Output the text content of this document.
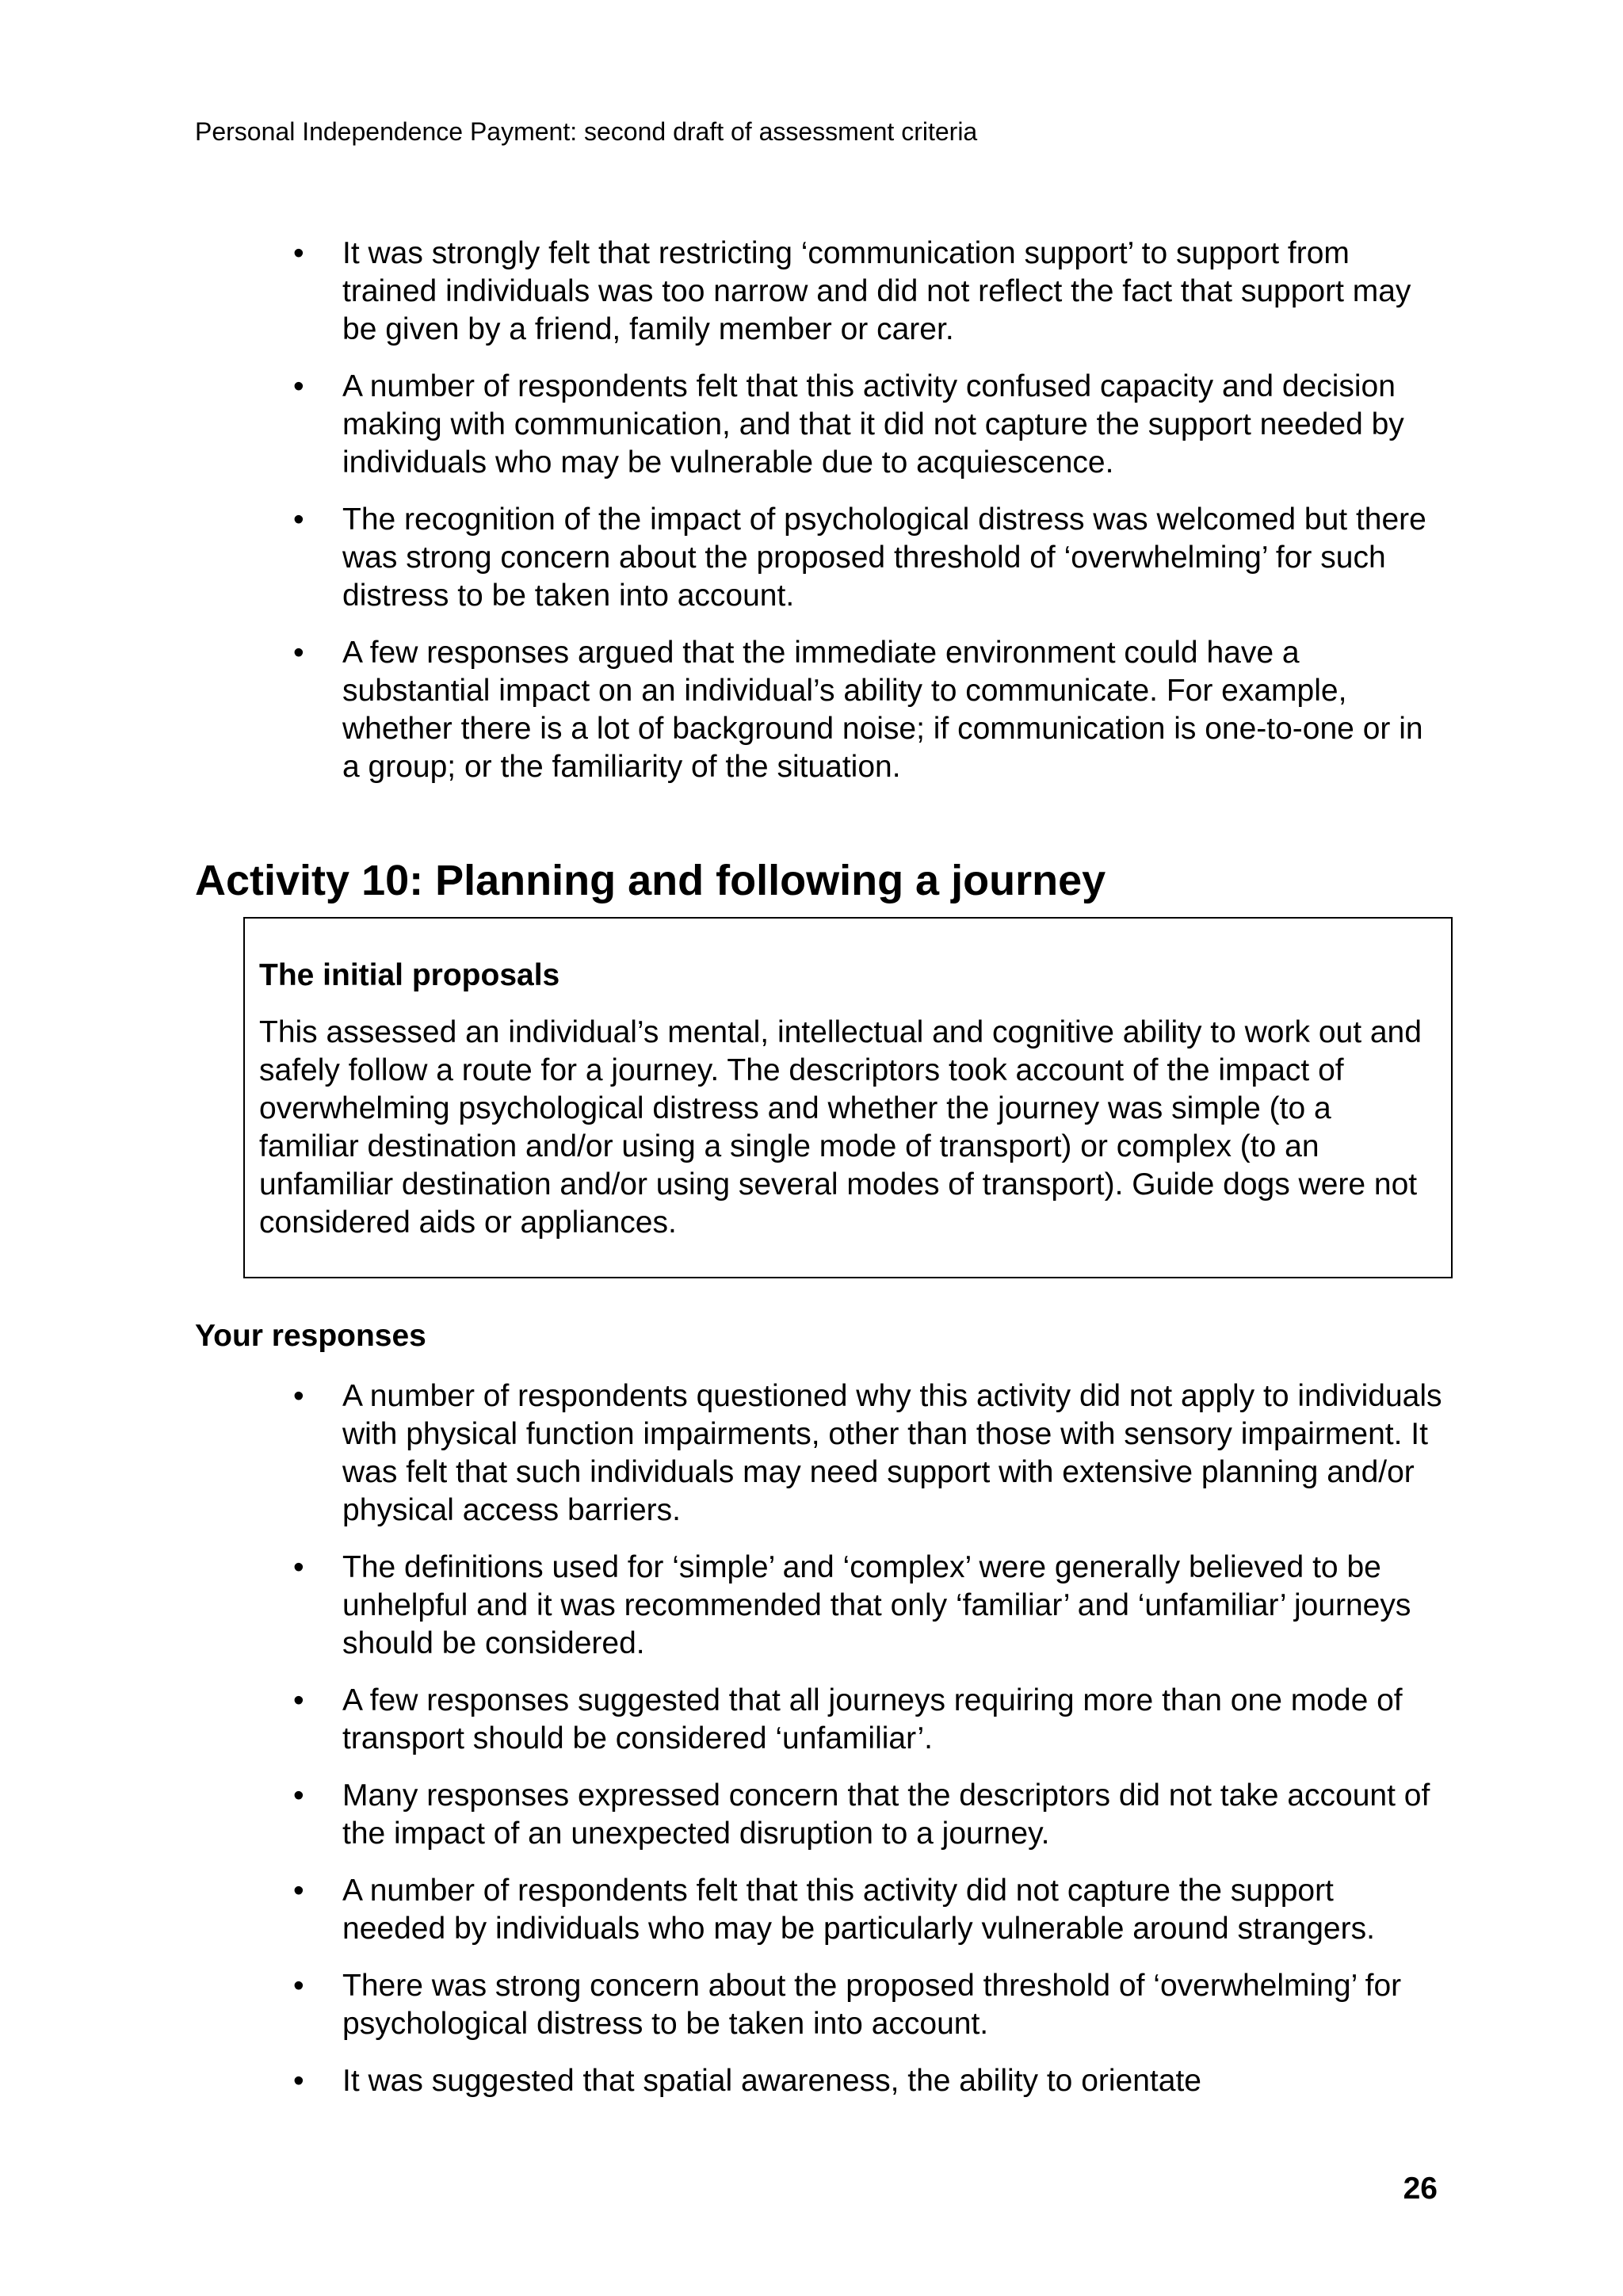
Personal Independence Payment: second draft of assessment criteria
• It was strongly felt that restricting ‘communication support’ to support from trained individuals was too narrow and did not reflect the fact that support may be given by a friend, family member or carer.
• A number of respondents felt that this activity confused capacity and decision making with communication, and that it did not capture the support needed by individuals who may be vulnerable due to acquiescence.
• The recognition of the impact of psychological distress was welcomed but there was strong concern about the proposed threshold of ‘overwhelming’ for such distress to be taken into account.
• A few responses argued that the immediate environment could have a substantial impact on an individual’s ability to communicate. For example, whether there is a lot of background noise; if communication is one-to-one or in a group; or the familiarity of the situation.
Activity 10: Planning and following a journey

The initial proposals

This assessed an individual’s mental, intellectual and cognitive ability to work out and safely follow a route for a journey. The descriptors took account of the impact of overwhelming psychological distress and whether the journey was simple (to a familiar destination and/or using a single mode of transport) or complex (to an unfamiliar destination and/or using several modes of transport). Guide dogs were not considered aids or appliances.

Your responses
• A number of respondents questioned why this activity did not apply to individuals with physical function impairments, other than those with sensory impairment. It was felt that such individuals may need support with extensive planning and/or physical access barriers.
• The definitions used for ‘simple’ and ‘complex’ were generally believed to be unhelpful and it was recommended that only ‘familiar’ and ‘unfamiliar’ journeys should be considered.
• A few responses suggested that all journeys requiring more than one mode of transport should be considered ‘unfamiliar’.
• Many responses expressed concern that the descriptors did not take account of the impact of an unexpected disruption to a journey.
• A number of respondents felt that this activity did not capture the support needed by individuals who may be particularly vulnerable around strangers.
• There was strong concern about the proposed threshold of ‘overwhelming’ for psychological distress to be taken into account.
• It was suggested that spatial awareness, the ability to orientate
26
